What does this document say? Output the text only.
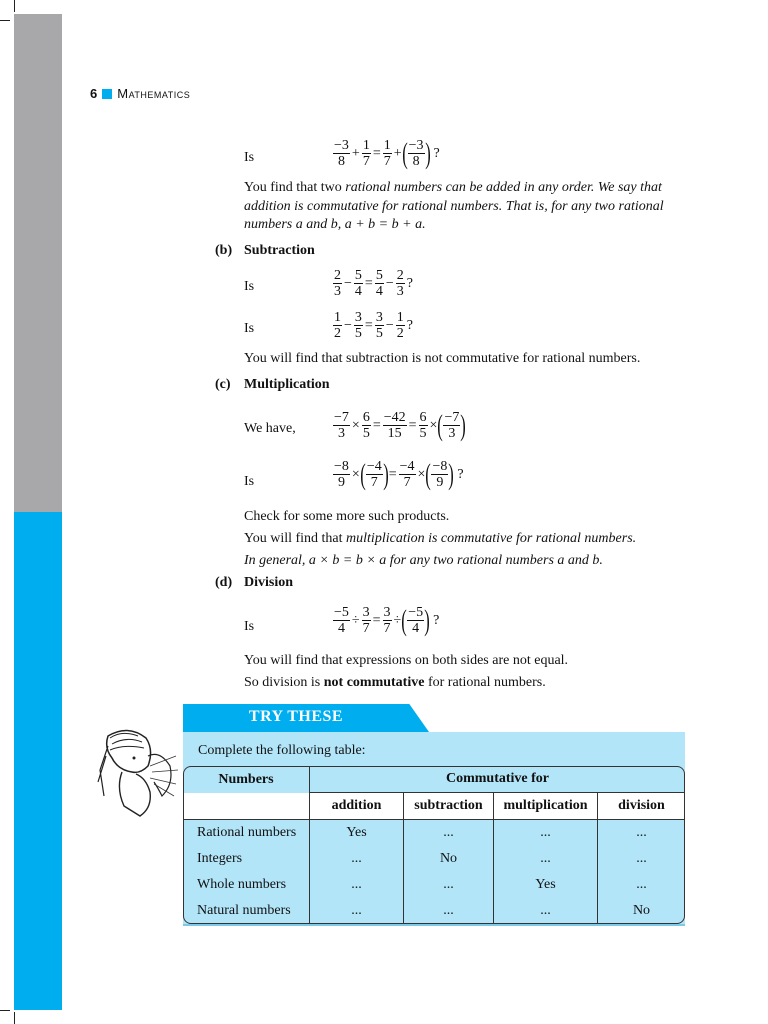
6 Mathematics
Is	$\frac{-3}{8} + \frac{1}{7} = \frac{1}{7}$ + ( $\frac{-3}{8}$ ) ?
You find that two rational numbers can be added in any order. We say that addition is commutative for rational numbers. That is, for any two rational numbers a and b, a + b = b + a.
(b) Subtraction
Is	$\frac{2}{3} - \frac{5}{4} = \frac{5}{4} - \frac{2}{3}$ ?
Is	$\frac{1}{2} - \frac{3}{5} = \frac{3}{5} - \frac{1}{2}$ ?
You will find that subtraction is not commutative for rational numbers.
(c) Multiplication
We have,	$\frac{-7}{3} \times \frac{6}{5} = \frac{-42}{15} = \frac{6}{5}$ × ( $\frac{-7}{3}$ )
Is	$\frac{-8}{9}$ × ( $\frac{-4}{7}$ ) = $\frac{-4}{7}$ × ( $\frac{-8}{9}$ ) ?
Check for some more such products.
You will find that multiplication is commutative for rational numbers.
In general, a × b = b × a for any two rational numbers a and b.
(d) Division
Is	$\frac{-5}{4} \div \frac{3}{7} = \frac{3}{7}$ ÷ ( $\frac{-5}{4}$ ) ?
You will find that expressions on both sides are not equal.
So division is not commutative for rational numbers.
TRY THESE
Complete the following table:
Numbers	Commutative for			
	addition	subtraction	multiplication	division
Rational numbers	Yes	...	...	...
Integers	...	No	...	...
Whole numbers	...	...	Yes	...
Natural numbers	...	...	...	No
